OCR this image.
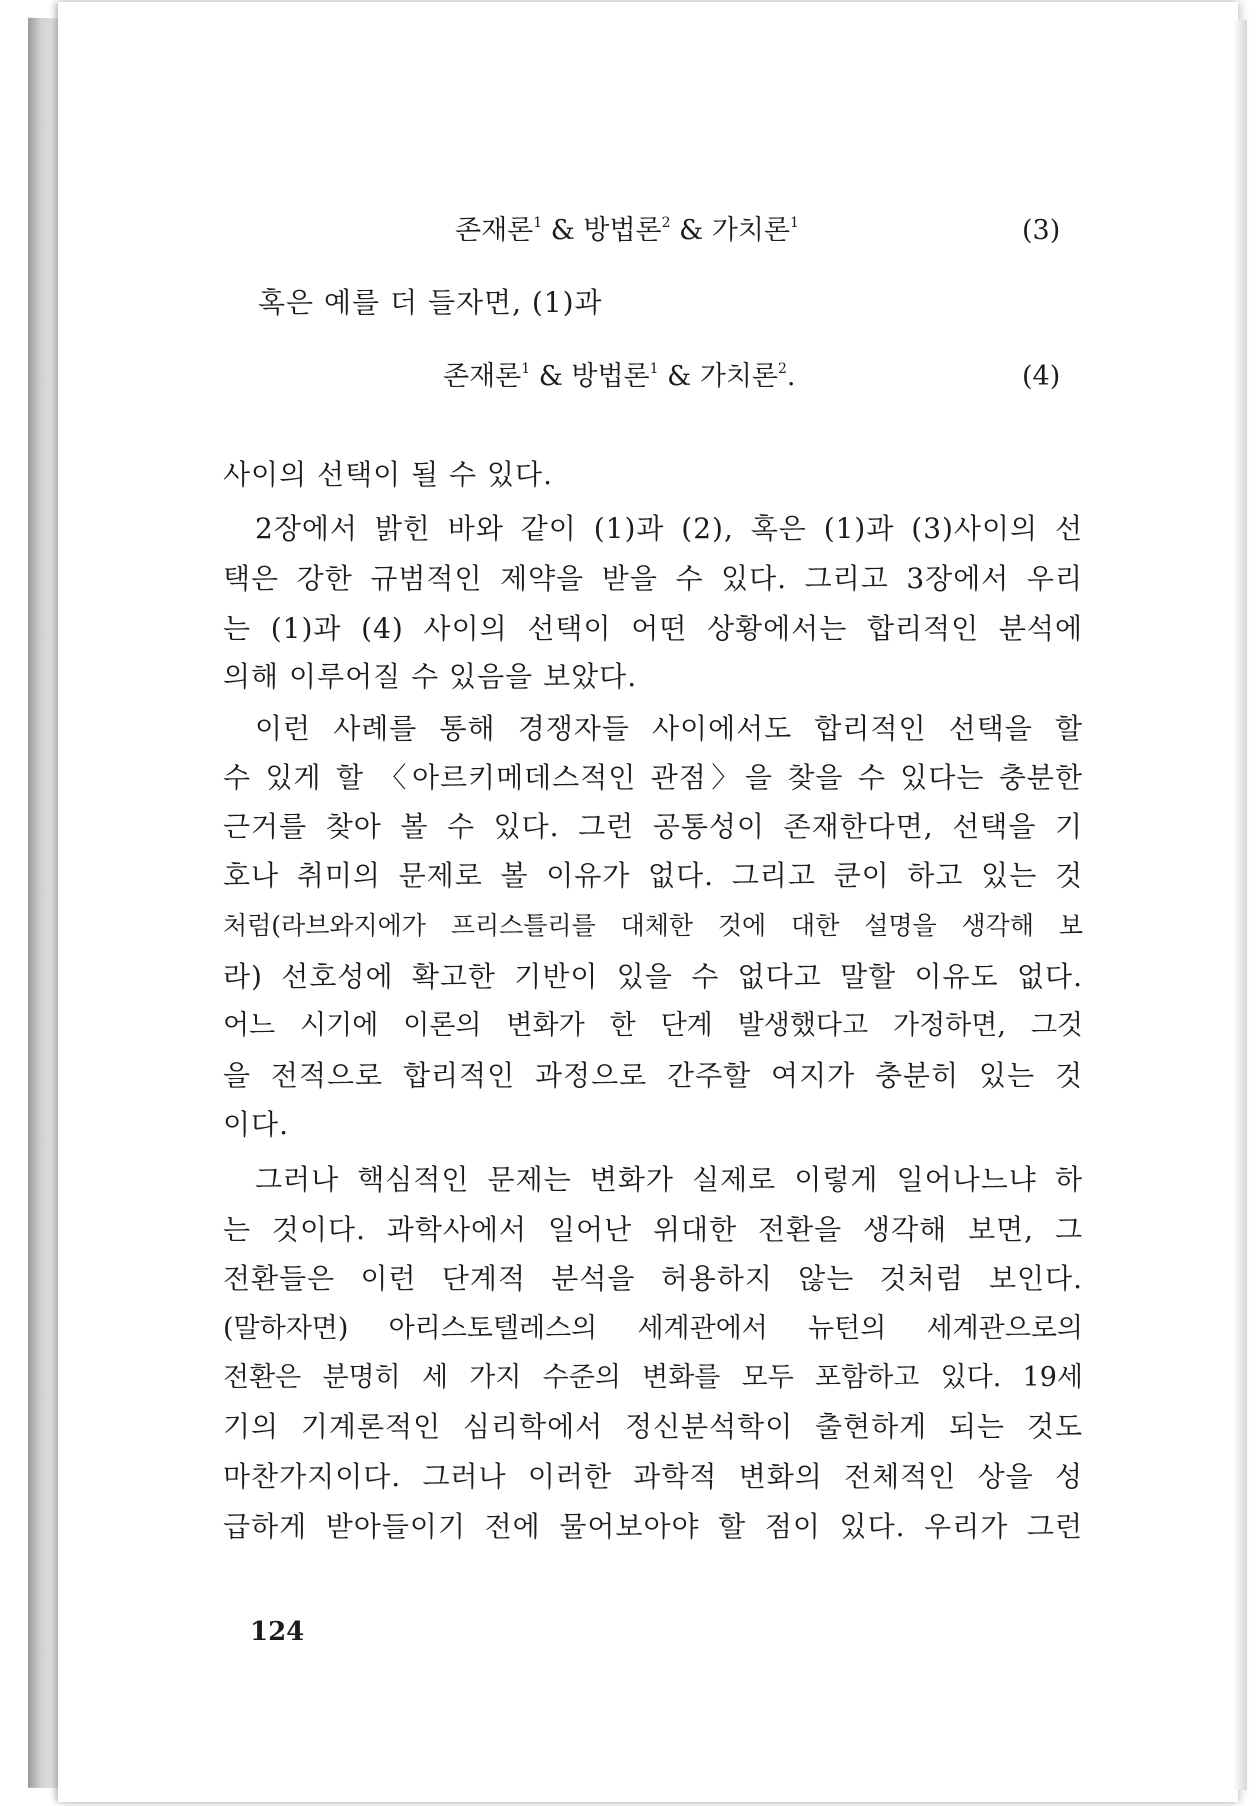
존재론$^1$ & 방법론$^2$ & 가치론$^1$	(3)
혹은 예를 더 들자면, (1)과
존재론$^1$ & 방법론$^1$ & 가치론$^2$.	(4)
사이의 선택이 될 수 있다.
2장에서 밝힌 바와 같이 (1)과 (2), 혹은 (1)과 (3)사이의 선
택은 강한 규범적인 제약을 받을 수 있다. 그리고 3장에서 우리
는 (1)과 (4) 사이의 선택이 어떤 상황에서는 합리적인 분석에
의해 이루어질 수 있음을 보았다.
이런 사례를 통해 경쟁자들 사이에서도 합리적인 선택을 할
수 있게 할 〈아르키메데스적인 관점〉을 찾을 수 있다는 충분한
근거를 찾아 볼 수 있다. 그런 공통성이 존재한다면, 선택을 기
호나 취미의 문제로 볼 이유가 없다. 그리고 쿤이 하고 있는 것
처럼(라브와지에가 프리스틀리를 대체한 것에 대한 설명을 생각해 보
라) 선호성에 확고한 기반이 있을 수 없다고 말할 이유도 없다.
어느 시기에 이론의 변화가 한 단계 발생했다고 가정하면, 그것
을 전적으로 합리적인 과정으로 간주할 여지가 충분히 있는 것
이다.
그러나 핵심적인 문제는 변화가 실제로 이렇게 일어나느냐 하
는 것이다. 과학사에서 일어난 위대한 전환을 생각해 보면, 그
전환들은 이런 단계적 분석을 허용하지 않는 것처럼 보인다.
(말하자면) 아리스토텔레스의 세계관에서 뉴턴의 세계관으로의
전환은 분명히 세 가지 수준의 변화를 모두 포함하고 있다. 19세
기의 기계론적인 심리학에서 정신분석학이 출현하게 되는 것도
마찬가지이다. 그러나 이러한 과학적 변화의 전체적인 상을 성
급하게 받아들이기 전에 물어보아야 할 점이 있다. 우리가 그런
124
